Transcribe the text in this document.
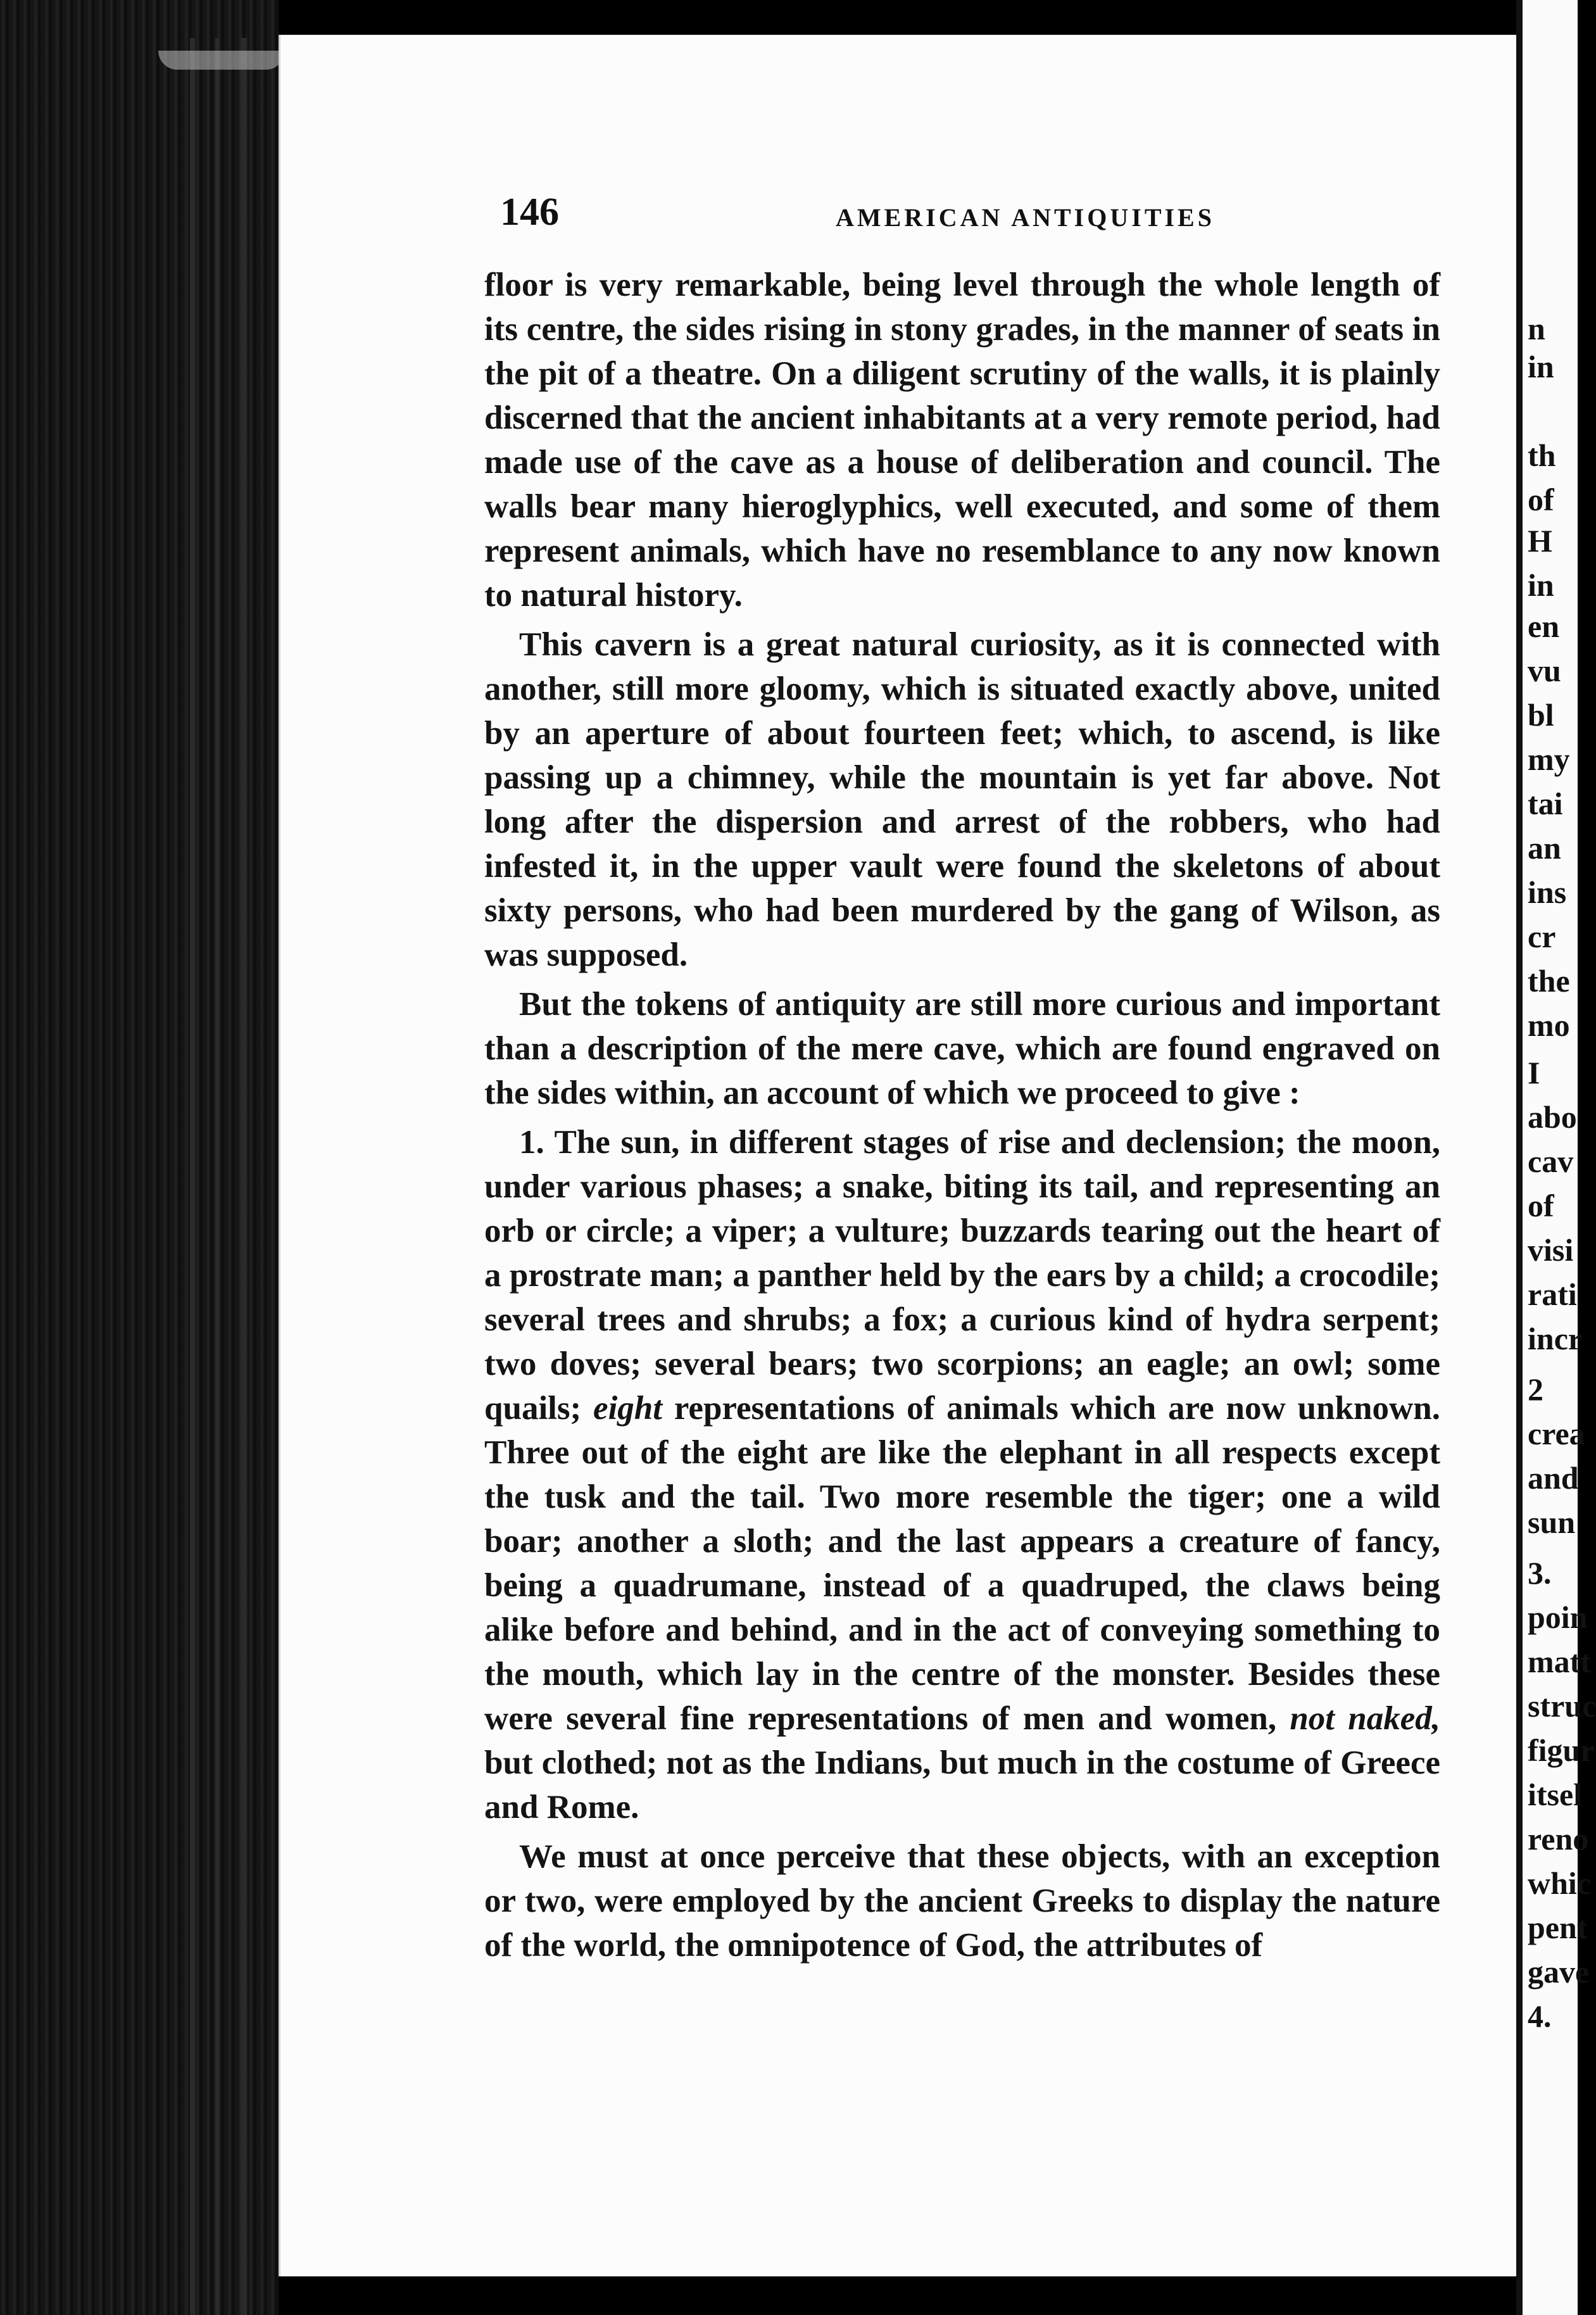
n
in
th
of
H
in
en
vu
bl
my
tai
an
ins
cr
the
mo
I
abo
cav
of
visi
rati
incr
2
crea
and
sun
3.
poin
matt
struc
figur
itsel
reno
whic
pent
gave
4.
146	AMERICAN ANTIQUITIES

floor is very remarkable, being level through the whole length of its centre, the sides rising in stony grades, in the manner of seats in the pit of a theatre. On a diligent scrutiny of the walls, it is plainly discerned that the ancient inhabitants at a very remote period, had made use of the cave as a house of deliberation and council. The walls bear many hieroglyphics, well executed, and some of them represent animals, which have no resemblance to any now known to natural history.

This cavern is a great natural curiosity, as it is connected with another, still more gloomy, which is situated exactly above, united by an aperture of about fourteen feet; which, to ascend, is like passing up a chimney, while the mountain is yet far above. Not long after the dispersion and arrest of the robbers, who had infested it, in the upper vault were found the skeletons of about sixty persons, who had been murdered by the gang of Wilson, as was supposed.

But the tokens of antiquity are still more curious and important than a description of the mere cave, which are found engraved on the sides within, an account of which we proceed to give :

1. The sun, in different stages of rise and declension; the moon, under various phases; a snake, biting its tail, and representing an orb or circle; a viper; a vulture; buzzards tearing out the heart of a prostrate man; a panther held by the ears by a child; a crocodile; several trees and shrubs; a fox; a curious kind of hydra serpent; two doves; several bears; two scorpions; an eagle; an owl; some quails; eight representations of animals which are now unknown. Three out of the eight are like the elephant in all respects except the tusk and the tail. Two more resemble the tiger; one a wild boar; another a sloth; and the last appears a creature of fancy, being a quadrumane, instead of a quadruped, the claws being alike before and behind, and in the act of conveying something to the mouth, which lay in the centre of the monster. Besides these were several fine representations of men and women, not naked, but clothed; not as the Indians, but much in the costume of Greece and Rome.

We must at once perceive that these objects, with an exception or two, were employed by the ancient Greeks to display the nature of the world, the omnipotence of God, the attributes of
